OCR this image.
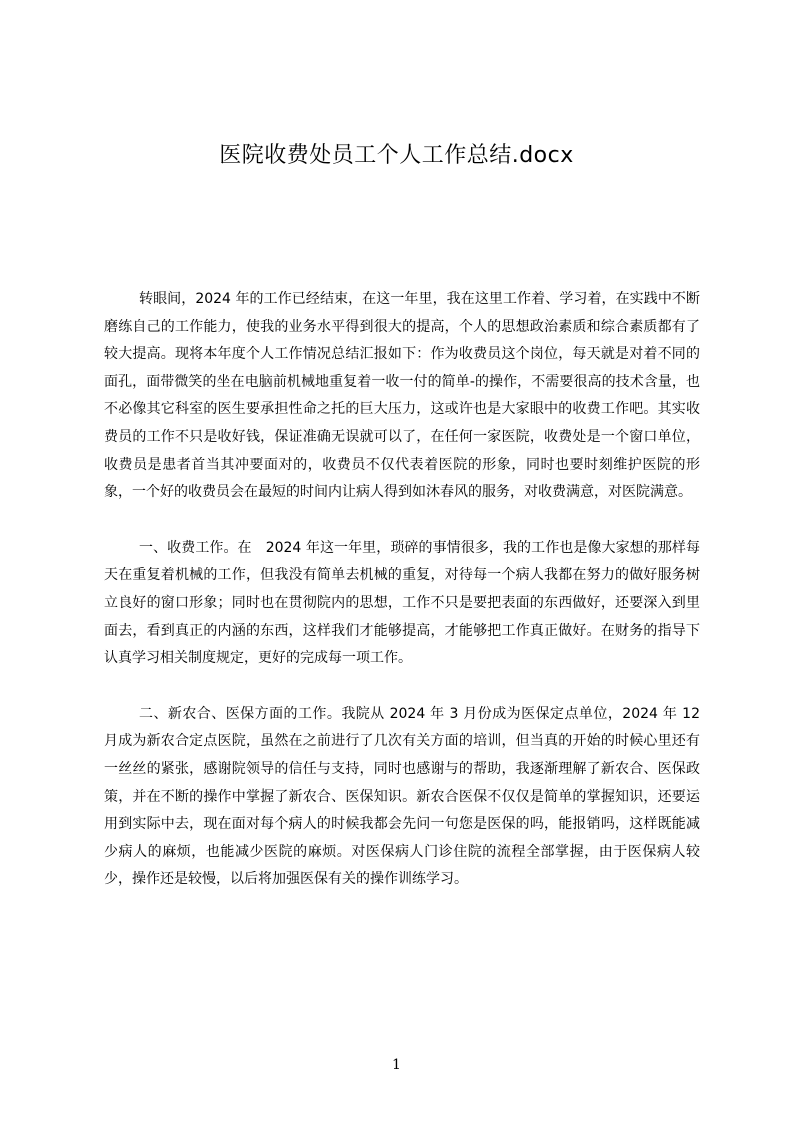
医院收费处员工个人工作总结.docx

转眼间，2024 年的工作已经结束，在这一年里，我在这里工作着、学习着，在实践中不断磨练自己的工作能力，使我的业务水平得到很大的提高，个人的思想政治素质和综合素质都有了较大提高。现将本年度个人工作情况总结汇报如下：作为收费员这个岗位，每天就是对着不同的面孔，面带微笑的坐在电脑前机械地重复着一收一付的简单-的操作，不需要很高的技术含量，也不必像其它科室的医生要承担性命之托的巨大压力，这或许也是大家眼中的收费工作吧。其实收费员的工作不只是收好钱，保证准确无误就可以了，在任何一家医院，收费处是一个窗口单位，收费员是患者首当其冲要面对的，收费员不仅代表着医院的形象，同时也要时刻维护医院的形象，一个好的收费员会在最短的时间内让病人得到如沐春风的服务，对收费满意，对医院满意。

一、收费工作。在　2024 年这一年里，琐碎的事情很多，我的工作也是像大家想的那样每天在重复着机械的工作，但我没有简单去机械的重复，对待每一个病人我都在努力的做好服务树立良好的窗口形象；同时也在贯彻院内的思想，工作不只是要把表面的东西做好，还要深入到里面去，看到真正的内涵的东西，这样我们才能够提高，才能够把工作真正做好。在财务的指导下认真学习相关制度规定，更好的完成每一项工作。

二、新农合、医保方面的工作。我院从 2024 年 3 月份成为医保定点单位，2024 年 12 月成为新农合定点医院，虽然在之前进行了几次有关方面的培训，但当真的开始的时候心里还有一丝丝的紧张，感谢院领导的信任与支持，同时也感谢与的帮助，我逐渐理解了新农合、医保政策，并在不断的操作中掌握了新农合、医保知识。新农合医保不仅仅是简单的掌握知识，还要运用到实际中去，现在面对每个病人的时候我都会先问一句您是医保的吗，能报销吗，这样既能减少病人的麻烦，也能减少医院的麻烦。对医保病人门诊住院的流程全部掌握，由于医保病人较少，操作还是较慢，以后将加强医保有关的操作训练学习。

1
